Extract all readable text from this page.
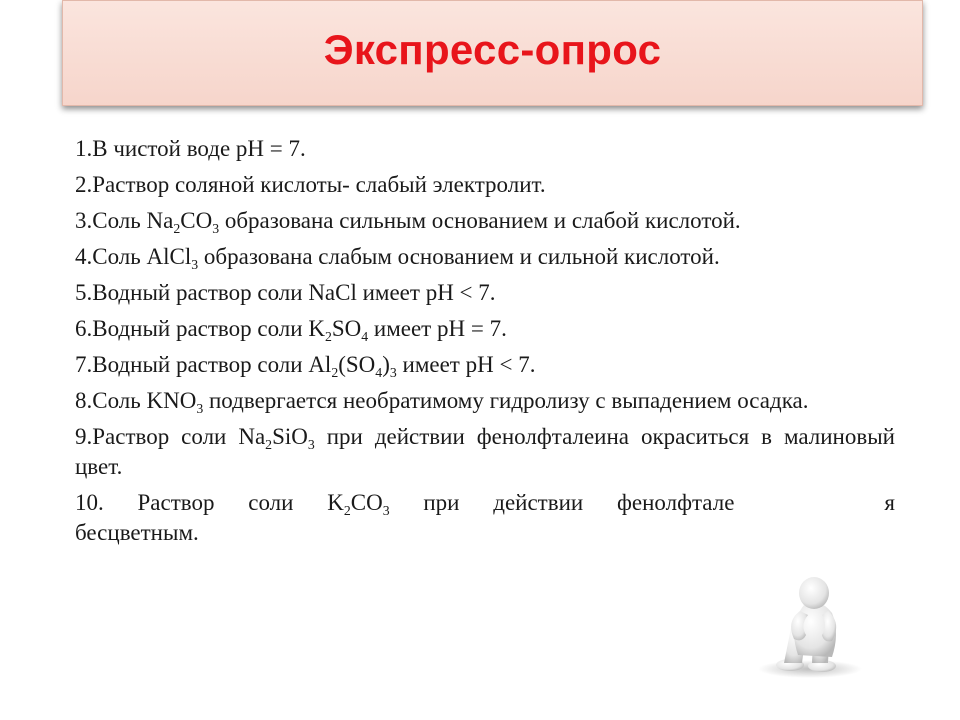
Экспресс-опрос

1.В чистой воде pH = 7.

2.Раствор соляной кислоты- слабый электролит.

3.Соль $Na_2CO_3$ образована сильным основанием и слабой кислотой.

4.Соль AlCl$_3$ образована слабым основанием и сильной кислотой.

5.Водный раствор соли NaCl имеет pH < 7.

6.Водный раствор соли $K_2SO_4$ имеет pH = 7.

7.Водный раствор соли $Al_2(SO_4)_3$ имеет pH < 7.

8.Соль $KNO_3$ подвергается необратимому гидролизу с выпадением осадка.

9.Раствор соли $Na_2SiO_3$ при действии фенолфталеина окраситься в малиновый цвет.

10. Раствор соли $K_2CO_3$ при действии фенолфтале	я
бесцветным.
